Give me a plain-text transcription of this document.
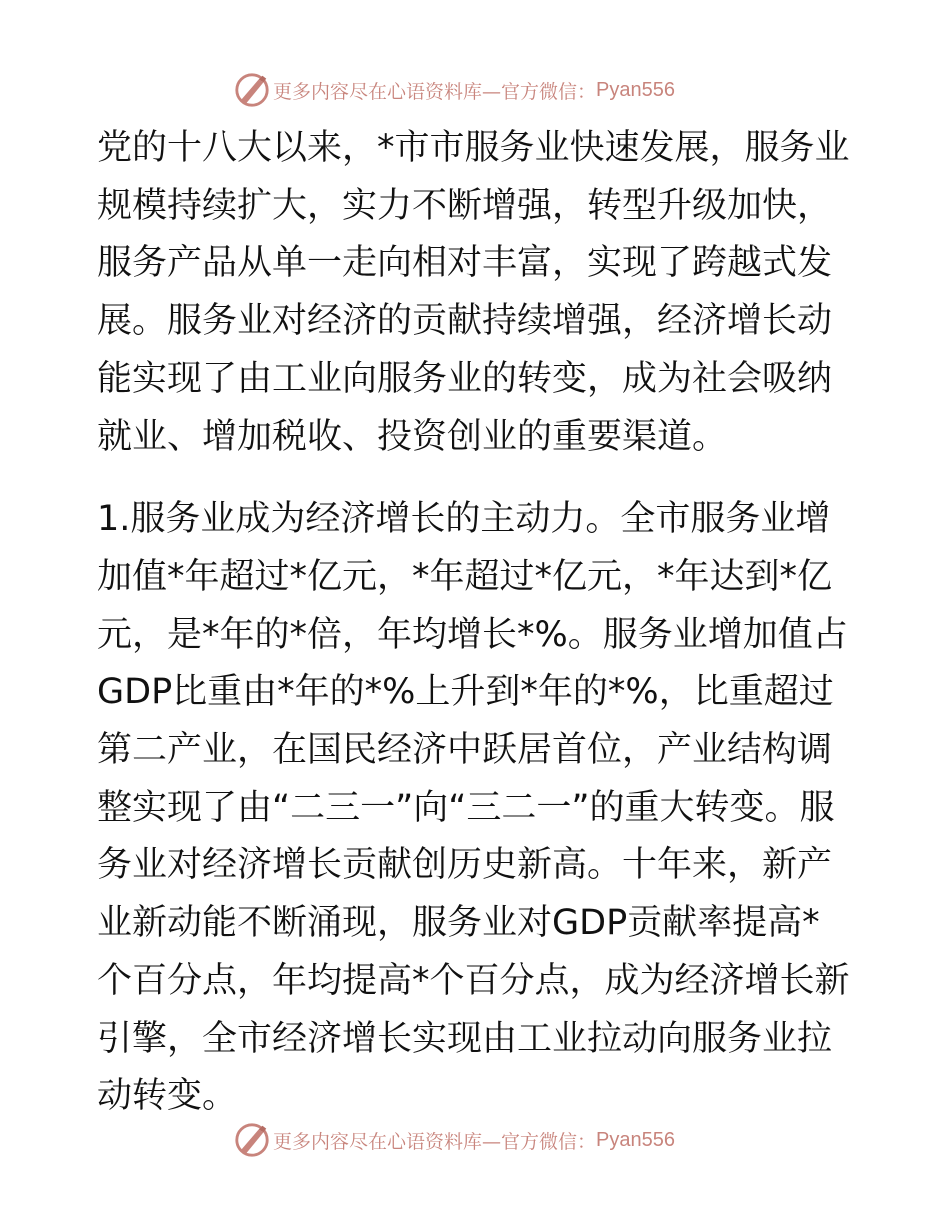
更多内容尽在心语资料库—官方微信： Pyan556

党的十八大以来，*市市服务业快速发展，服务业规模持续扩大，实力不断增强，转型升级加快，服务产品从单一走向相对丰富，实现了跨越式发展。服务业对经济的贡献持续增强，经济增长动能实现了由工业向服务业的转变，成为社会吸纳就业、增加税收、投资创业的重要渠道。

1.服务业成为经济增长的主动力。全市服务业增加值*年超过*亿元，*年超过*亿元，*年达到*亿元，是*年的*倍，年均增长*%。服务业增加值占GDP比重由*年的*%上升到*年的*%，比重超过第二产业，在国民经济中跃居首位，产业结构调整实现了由“二三一”向“三二一”的重大转变。服务业对经济增长贡献创历史新高。十年来，新产业新动能不断涌现，服务业对GDP贡献率提高*个百分点，年均提高*个百分点，成为经济增长新引擎，全市经济增长实现由工业拉动向服务业拉动转变。

更多内容尽在心语资料库—官方微信： Pyan556
